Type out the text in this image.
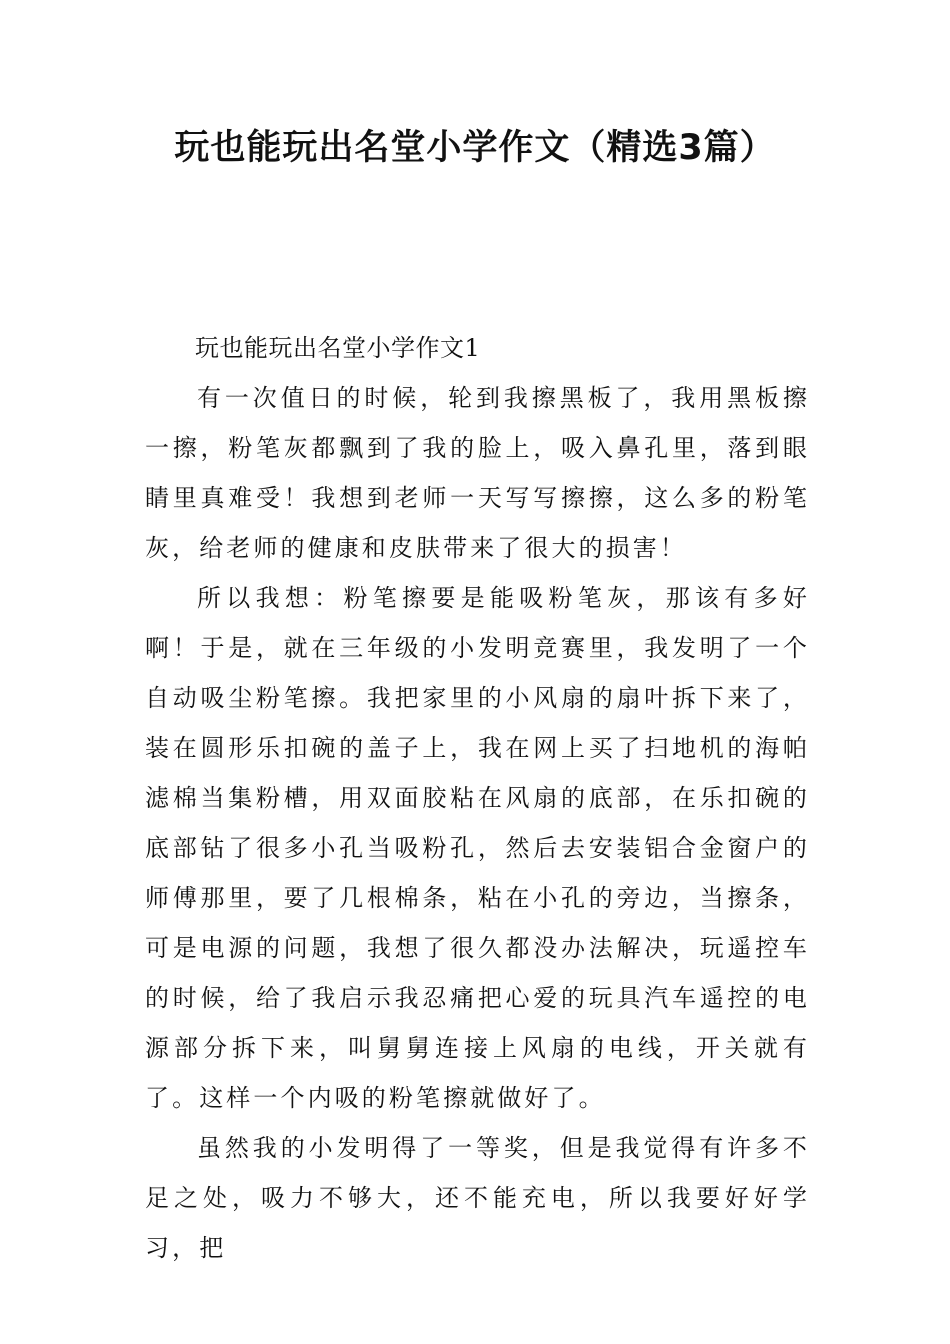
玩也能玩出名堂小学作文（精选3篇）

玩也能玩出名堂小学作文1

有一次值日的时候，轮到我擦黑板了，我用黑板擦一擦，粉笔灰都飘到了我的脸上，吸入鼻孔里，落到眼睛里真难受！我想到老师一天写写擦擦，这么多的粉笔灰，给老师的健康和皮肤带来了很大的损害！

所以我想：粉笔擦要是能吸粉笔灰，那该有多好啊！于是，就在三年级的小发明竞赛里，我发明了一个自动吸尘粉笔擦。我把家里的小风扇的扇叶拆下来了，装在圆形乐扣碗的盖子上，我在网上买了扫地机的海帕滤棉当集粉槽，用双面胶粘在风扇的底部，在乐扣碗的底部钻了很多小孔当吸粉孔，然后去安装铝合金窗户的师傅那里，要了几根棉条，粘在小孔的旁边，当擦条，可是电源的问题，我想了很久都没办法解决，玩遥控车的时候，给了我启示我忍痛把心爱的玩具汽车遥控的电源部分拆下来，叫舅舅连接上风扇的电线，开关就有了。这样一个内吸的粉笔擦就做好了。

虽然我的小发明得了一等奖，但是我觉得有许多不足之处，吸力不够大，还不能充电，所以我要好好学习，把
